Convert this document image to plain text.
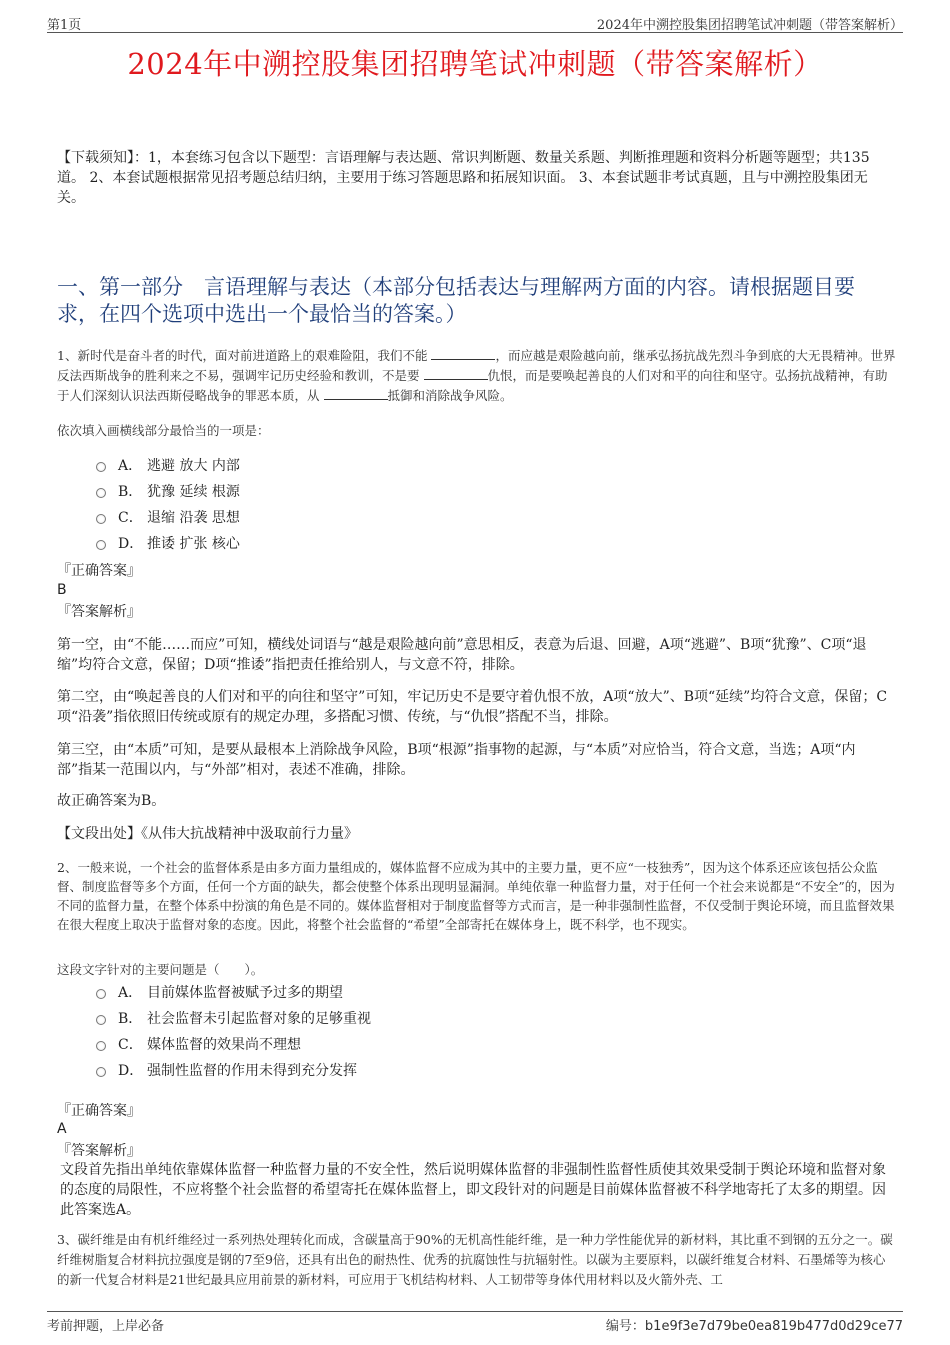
第1页	2024年中溯控股集团招聘笔试冲刺题（带答案解析）
2024年中溯控股集团招聘笔试冲刺题（带答案解析）
【下载须知】：1，本套练习包含以下题型：言语理解与表达题、常识判断题、数量关系题、判断推理题和资料分析题等题型；共135道。 2、本套试题根据常见招考题总结归纳，主要用于练习答题思路和拓展知识面。 3、本套试题非考试真题，且与中溯控股集团无关。
一、第一部分　言语理解与表达（本部分包括表达与理解两方面的内容。请根据题目要求，在四个选项中选出一个最恰当的答案。）
1、新时代是奋斗者的时代，面对前进道路上的艰难险阻，我们不能	，而应越是艰险越向前，继承弘扬抗战先烈斗争到底的大无畏精神。世界反法西斯战争的胜利来之不易，强调牢记历史经验和教训，不是要	仇恨，而是要唤起善良的人们对和平的向往和坚守。弘扬抗战精神，有助于人们深刻认识法西斯侵略战争的罪恶本质，从	抵御和消除战争风险。
依次填入画横线部分最恰当的一项是：
A． 逃避 放大 内部
B． 犹豫 延续 根源
C． 退缩 沿袭 思想
D． 推诿 扩张 核心
『正确答案』
B
『答案解析』
第一空，由“不能……而应”可知，横线处词语与“越是艰险越向前”意思相反，表意为后退、回避，A项“逃避”、B项“犹豫”、C项“退缩”均符合文意，保留；D项“推诿”指把责任推给别人，与文意不符，排除。
第二空，由“唤起善良的人们对和平的向往和坚守”可知，牢记历史不是要守着仇恨不放，A项“放大”、B项“延续”均符合文意，保留；C项“沿袭”指依照旧传统或原有的规定办理，多搭配习惯、传统，与“仇恨”搭配不当，排除。
第三空，由“本质”可知，是要从最根本上消除战争风险，B项“根源”指事物的起源，与“本质”对应恰当，符合文意，当选；A项“内部”指某一范围以内，与“外部”相对，表述不准确，排除。
故正确答案为B。
【文段出处】《从伟大抗战精神中汲取前行力量》
2、一般来说，一个社会的监督体系是由多方面力量组成的，媒体监督不应成为其中的主要力量，更不应“一枝独秀”，因为这个体系还应该包括公众监督、制度监督等多个方面，任何一个方面的缺失，都会使整个体系出现明显漏洞。单纯依靠一种监督力量，对于任何一个社会来说都是“不安全”的，因为不同的监督力量，在整个体系中扮演的角色是不同的。媒体监督相对于制度监督等方式而言，是一种非强制性监督，不仅受制于舆论环境，而且监督效果在很大程度上取决于监督对象的态度。因此，将整个社会监督的“希望”全部寄托在媒体身上，既不科学，也不现实。
这段文字针对的主要问题是（　　）。
A． 目前媒体监督被赋予过多的期望
B． 社会监督未引起监督对象的足够重视
C． 媒体监督的效果尚不理想
D． 强制性监督的作用未得到充分发挥
『正确答案』
A
『答案解析』
文段首先指出单纯依靠媒体监督一种监督力量的不安全性，然后说明媒体监督的非强制性监督性质使其效果受制于舆论环境和监督对象的态度的局限性，不应将整个社会监督的希望寄托在媒体监督上，即文段针对的问题是目前媒体监督被不科学地寄托了太多的期望。因此答案选A。
3、碳纤维是由有机纤维经过一系列热处理转化而成，含碳量高于90%的无机高性能纤维，是一种力学性能优异的新材料，其比重不到钢的五分之一。碳纤维树脂复合材料抗拉强度是钢的7至9倍，还具有出色的耐热性、优秀的抗腐蚀性与抗辐射性。以碳为主要原料，以碳纤维复合材料、石墨烯等为核心的新一代复合材料是21世纪最具应用前景的新材料，可应用于飞机结构材料、人工韧带等身体代用材料以及火箭外壳、工
考前押题，上岸必备	编号：b1e9f3e7d79be0ea819b477d0d29ce77
